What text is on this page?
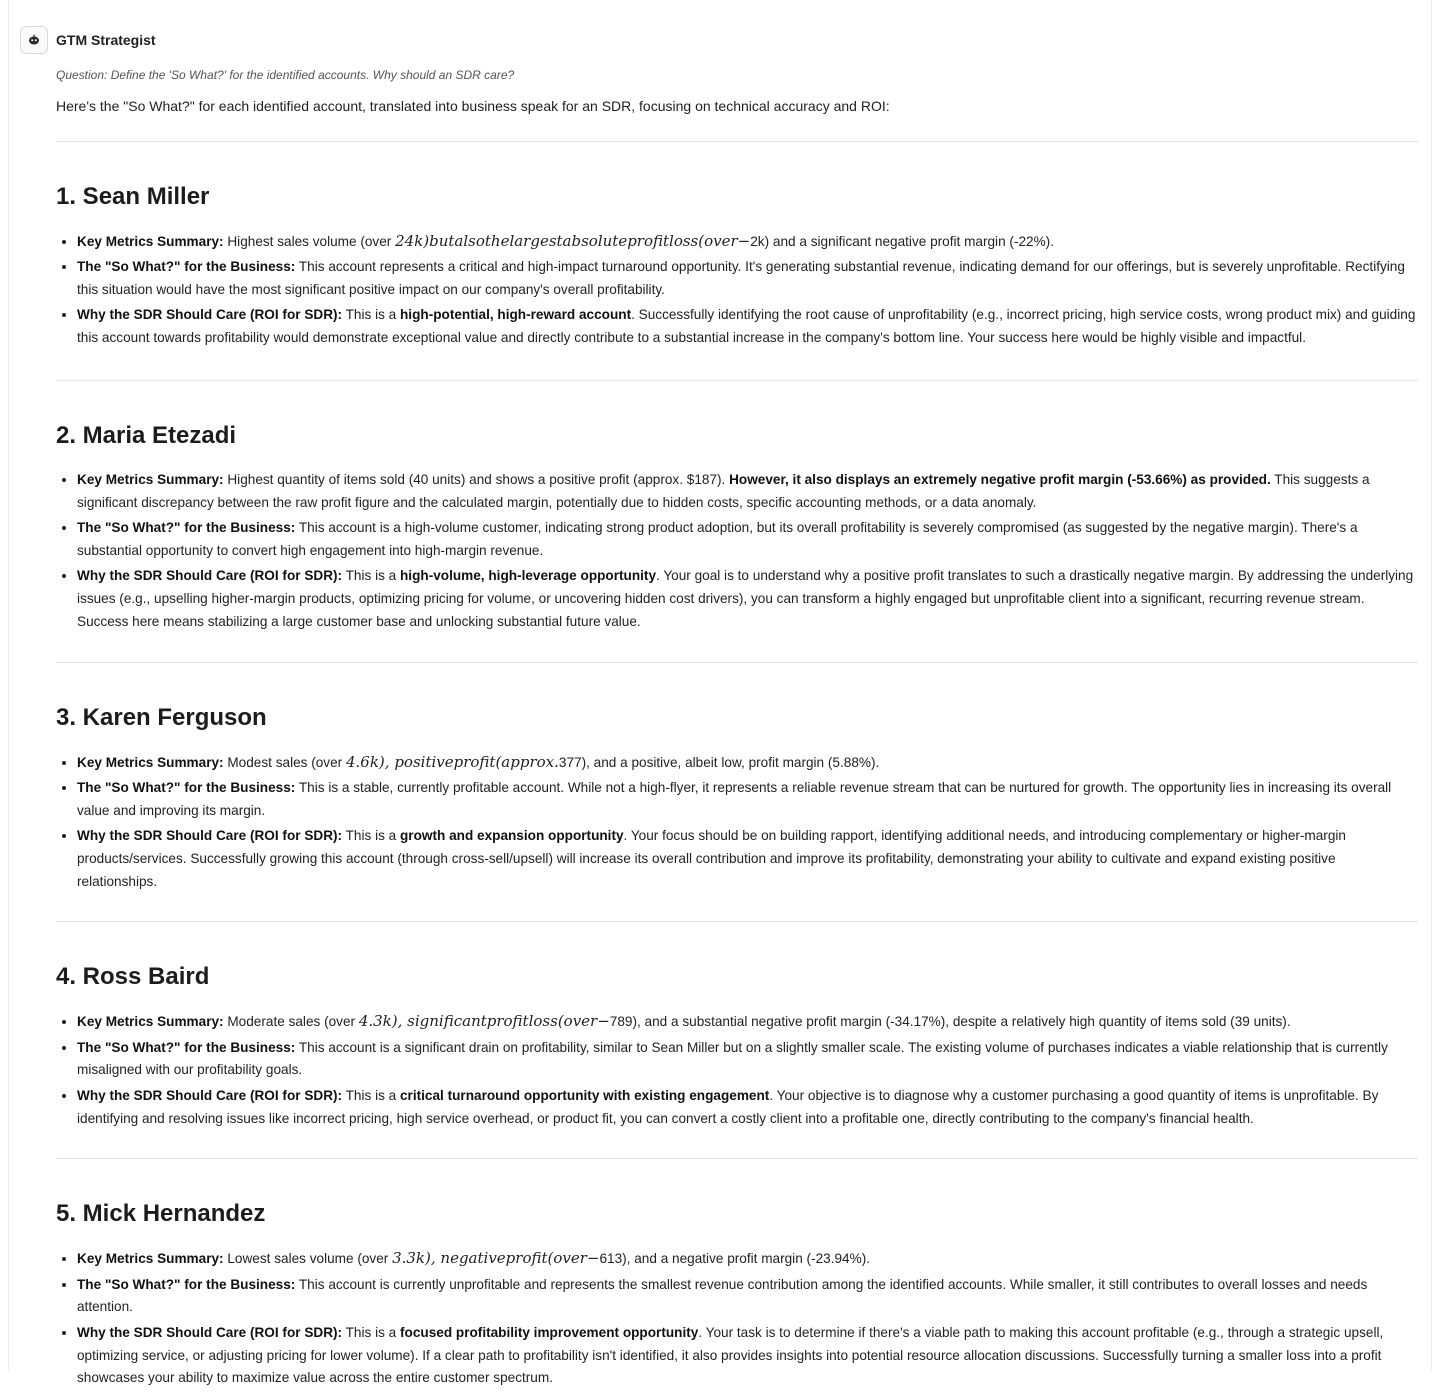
GTM Strategist

Question: Define the 'So What?' for the identified accounts. Why should an SDR care?

Here's the "So What?" for each identified account, translated into business speak for an SDR, focusing on technical accuracy and ROI:

1. Sean Miller
• Key Metrics Summary: Highest sales volume (over 24k)butalsothelargestabsoluteprofitloss(over−2k) and a significant negative profit margin (-22%).
• The "So What?" for the Business: This account represents a critical and high-impact turnaround opportunity. It's generating substantial revenue, indicating demand for our offerings, but is severely unprofitable. Rectifying this situation would have the most significant positive impact on our company's overall profitability.
• Why the SDR Should Care (ROI for SDR): This is a high-potential, high-reward account. Successfully identifying the root cause of unprofitability (e.g., incorrect pricing, high service costs, wrong product mix) and guiding this account towards profitability would demonstrate exceptional value and directly contribute to a substantial increase in the company's bottom line. Your success here would be highly visible and impactful.
2. Maria Etezadi
• Key Metrics Summary: Highest quantity of items sold (40 units) and shows a positive profit (approx. $187). However, it also displays an extremely negative profit margin (-53.66%) as provided. This suggests a significant discrepancy between the raw profit figure and the calculated margin, potentially due to hidden costs, specific accounting methods, or a data anomaly.
• The "So What?" for the Business: This account is a high-volume customer, indicating strong product adoption, but its overall profitability is severely compromised (as suggested by the negative margin). There's a substantial opportunity to convert high engagement into high-margin revenue.
• Why the SDR Should Care (ROI for SDR): This is a high-volume, high-leverage opportunity. Your goal is to understand why a positive profit translates to such a drastically negative margin. By addressing the underlying issues (e.g., upselling higher-margin products, optimizing pricing for volume, or uncovering hidden cost drivers), you can transform a highly engaged but unprofitable client into a significant, recurring revenue stream. Success here means stabilizing a large customer base and unlocking substantial future value.
3. Karen Ferguson
• Key Metrics Summary: Modest sales (over 4.6k), positiveprofit(approx.377), and a positive, albeit low, profit margin (5.88%).
• The "So What?" for the Business: This is a stable, currently profitable account. While not a high-flyer, it represents a reliable revenue stream that can be nurtured for growth. The opportunity lies in increasing its overall value and improving its margin.
• Why the SDR Should Care (ROI for SDR): This is a growth and expansion opportunity. Your focus should be on building rapport, identifying additional needs, and introducing complementary or higher-margin products/services. Successfully growing this account (through cross-sell/upsell) will increase its overall contribution and improve its profitability, demonstrating your ability to cultivate and expand existing positive relationships.
4. Ross Baird
• Key Metrics Summary: Moderate sales (over 4.3k), significantprofitloss(over−789), and a substantial negative profit margin (-34.17%), despite a relatively high quantity of items sold (39 units).
• The "So What?" for the Business: This account is a significant drain on profitability, similar to Sean Miller but on a slightly smaller scale. The existing volume of purchases indicates a viable relationship that is currently misaligned with our profitability goals.
• Why the SDR Should Care (ROI for SDR): This is a critical turnaround opportunity with existing engagement. Your objective is to diagnose why a customer purchasing a good quantity of items is unprofitable. By identifying and resolving issues like incorrect pricing, high service overhead, or product fit, you can convert a costly client into a profitable one, directly contributing to the company's financial health.
5. Mick Hernandez
• Key Metrics Summary: Lowest sales volume (over 3.3k), negativeprofit(over−613), and a negative profit margin (-23.94%).
• The "So What?" for the Business: This account is currently unprofitable and represents the smallest revenue contribution among the identified accounts. While smaller, it still contributes to overall losses and needs attention.
• Why the SDR Should Care (ROI for SDR): This is a focused profitability improvement opportunity. Your task is to determine if there's a viable path to making this account profitable (e.g., through a strategic upsell, optimizing service, or adjusting pricing for lower volume). If a clear path to profitability isn't identified, it also provides insights into potential resource allocation discussions. Successfully turning a smaller loss into a profit showcases your ability to maximize value across the entire customer spectrum.
